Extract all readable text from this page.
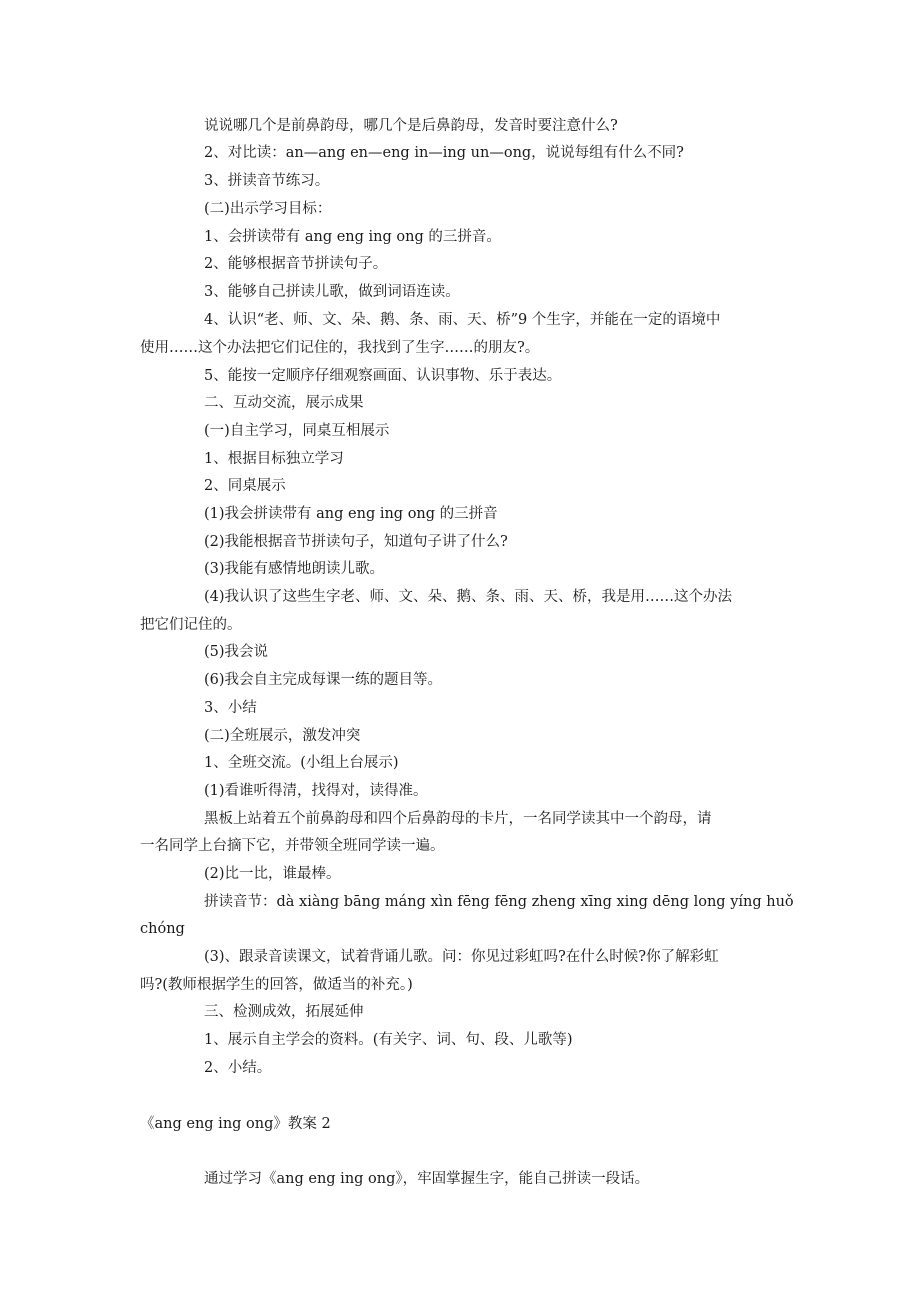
说说哪几个是前鼻韵母，哪几个是后鼻韵母，发音时要注意什么?
2、对比读：an—ang en—eng in—ing un—ong，说说每组有什么不同?
3、拼读音节练习。
(二)出示学习目标：
1、会拼读带有 ang eng ing ong 的三拼音。
2、能够根据音节拼读句子。
3、能够自己拼读儿歌，做到词语连读。
4、认识“老、师、文、朵、鹅、条、雨、天、桥”9 个生字，并能在一定的语境中
使用……这个办法把它们记住的，我找到了生字……的朋友?。
5、能按一定顺序仔细观察画面、认识事物、乐于表达。
二、互动交流，展示成果
(一)自主学习，同桌互相展示
1、根据目标独立学习
2、同桌展示
(1)我会拼读带有 ang eng ing ong 的三拼音
(2)我能根据音节拼读句子，知道句子讲了什么?
(3)我能有感情地朗读儿歌。
(4)我认识了这些生字老、师、文、朵、鹅、条、雨、天、桥，我是用……这个办法
把它们记住的。
(5)我会说
(6)我会自主完成每课一练的题目等。
3、小结
(二)全班展示，激发冲突
1、全班交流。(小组上台展示)
(1)看谁听得清，找得对，读得准。
黑板上站着五个前鼻韵母和四个后鼻韵母的卡片，一名同学读其中一个韵母，请
一名同学上台摘下它，并带领全班同学读一遍。
(2)比一比，谁最棒。
拼读音节：dà xiàng bāng máng xìn fēng fēng zheng xīng xing dēng long yíng huǒ
chóng
(3)、跟录音读课文，试着背诵儿歌。问：你见过彩虹吗?在什么时候?你了解彩虹
吗?(教师根据学生的回答，做适当的补充。)
三、检测成效，拓展延伸
1、展示自主学会的资料。(有关字、词、句、段、儿歌等)
2、小结。
《ang eng ing ong》教案 2
通过学习《ang eng ing ong》，牢固掌握生字，能自己拼读一段话。
